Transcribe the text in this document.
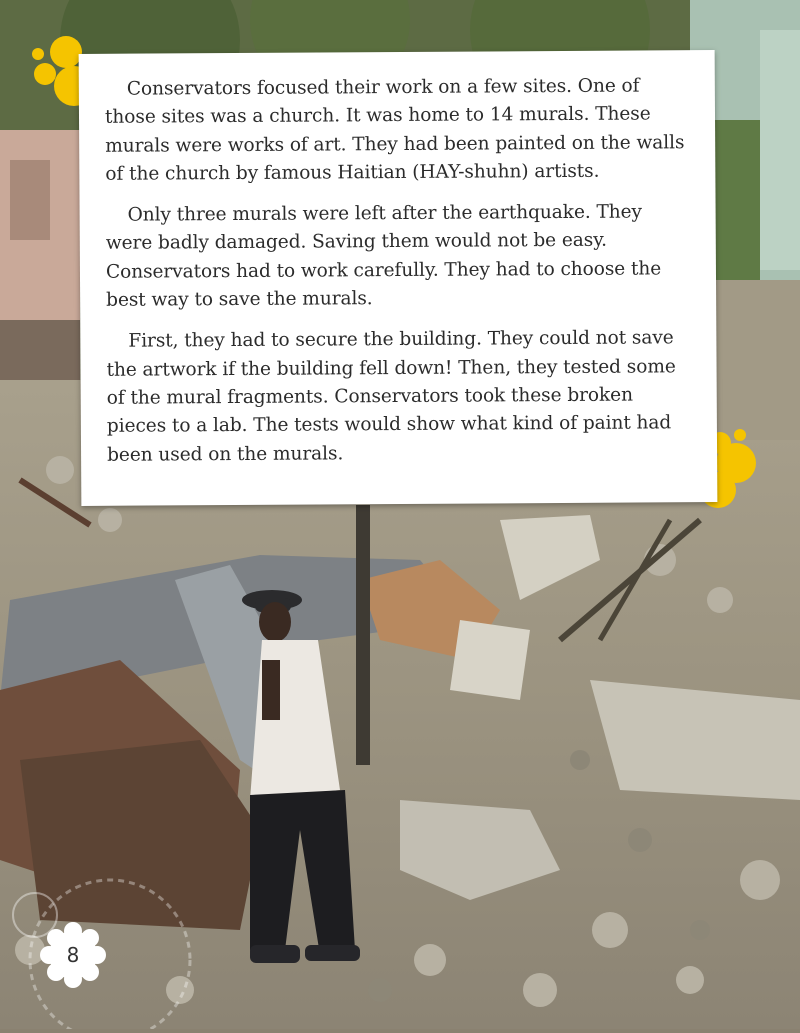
Conservators focused their work on a few sites. One of those sites was a church. It was home to 14 murals. These murals were works of art. They had been painted on the walls of the church by famous Haitian (HAY-shuhn) artists.

Only three murals were left after the earthquake. They were badly damaged. Saving them would not be easy. Conservators had to work carefully. They had to choose the best way to save the murals.

First, they had to secure the building. They could not save the artwork if the building fell down! Then, they tested some of the mural fragments. Conservators took these broken pieces to a lab. The tests would show what kind of paint had been used on the murals.

8
